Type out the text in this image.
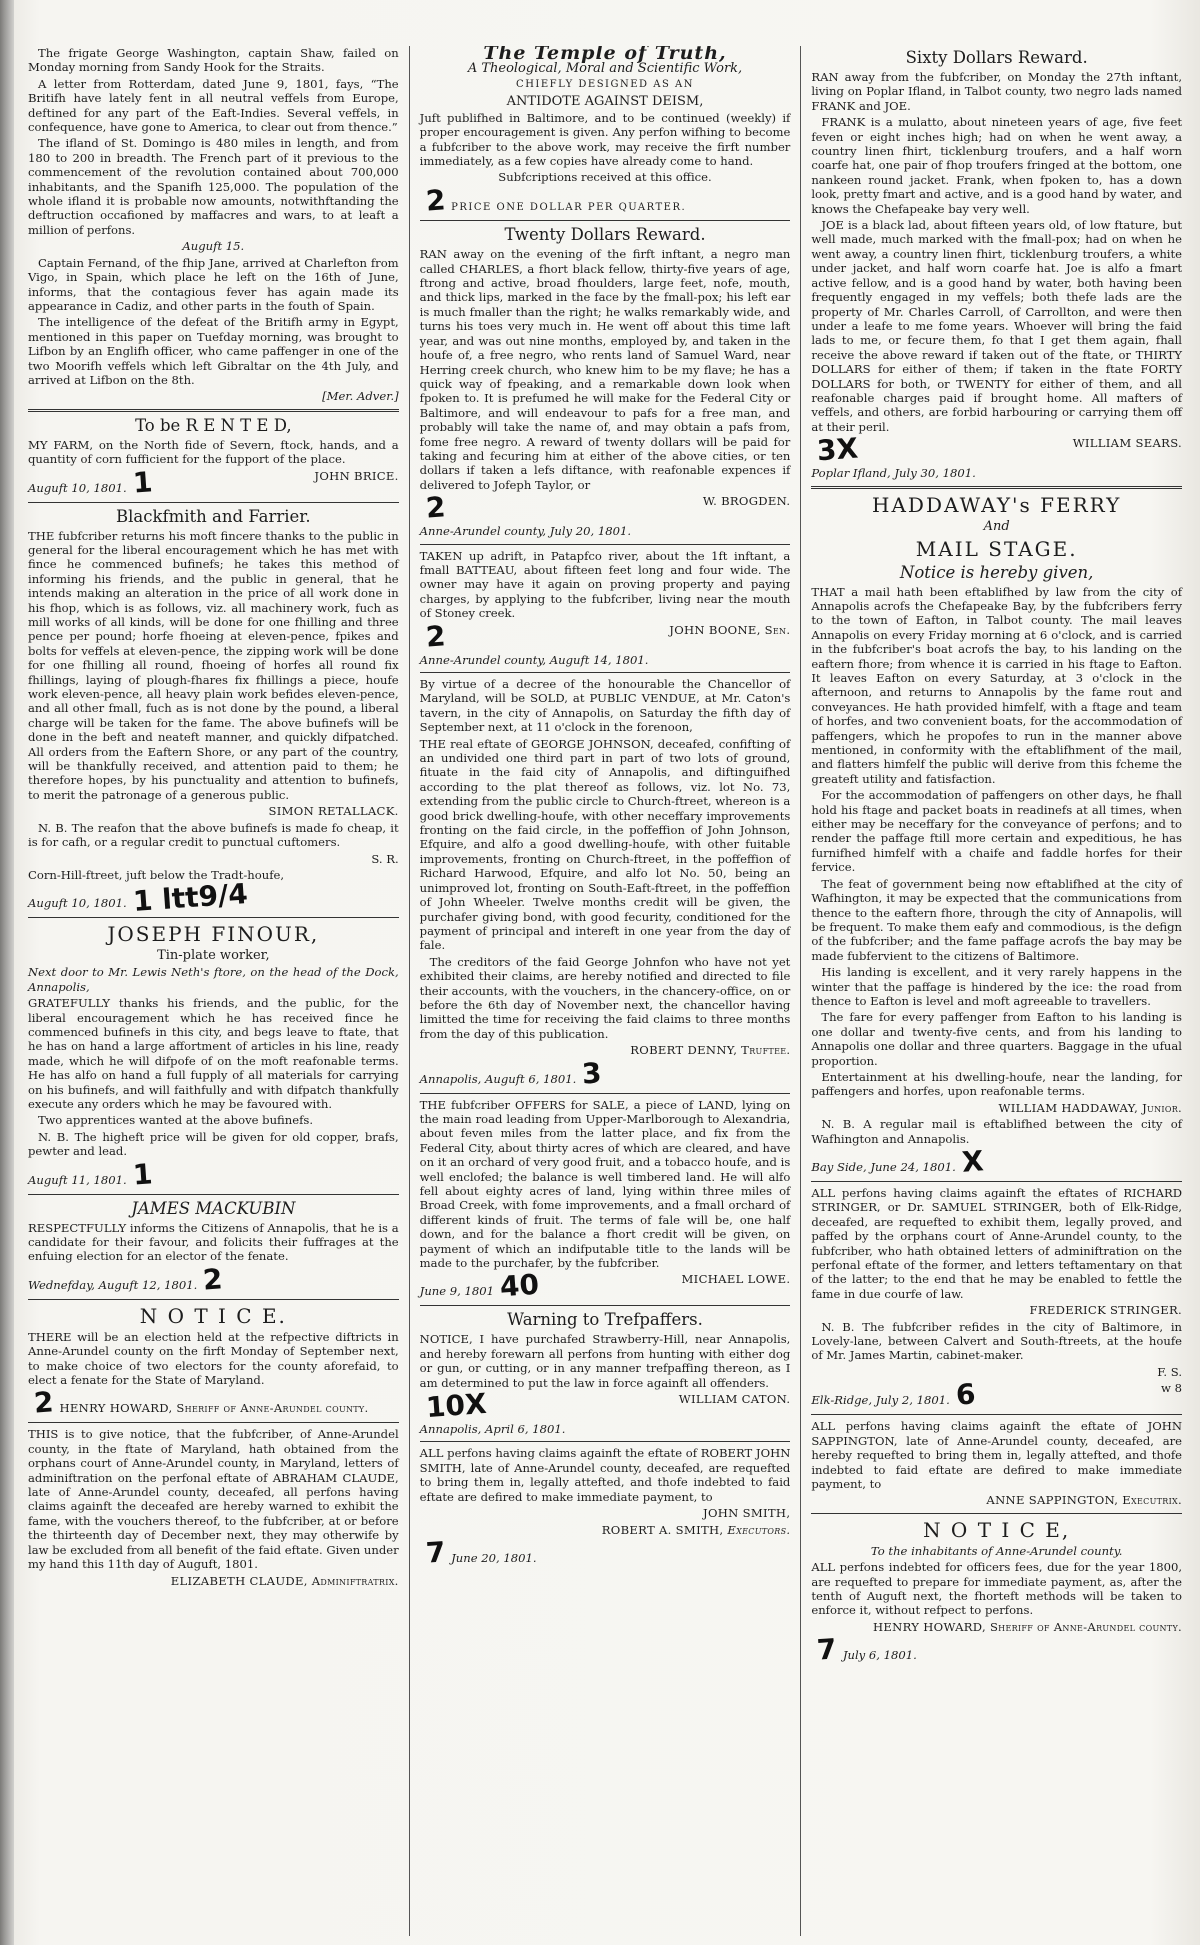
The frigate George Washington, captain Shaw, failed on Monday morning from Sandy Hook for the Straits.

A letter from Rotterdam, dated June 9, 1801, fays, “The Britifh have lately fent in all neutral veffels from Europe, deftined for any part of the Eaft-Indies. Several veffels, in confequence, have gone to America, to clear out from thence.”

The ifland of St. Domingo is 480 miles in length, and from 180 to 200 in breadth. The French part of it previous to the commencement of the revolution contained about 700,000 inhabitants, and the Spanifh 125,000. The population of the whole ifland it is probable now amounts, notwithftanding the deftruction occafioned by maffacres and wars, to at leaft a million of perfons.

Auguft 15.

Captain Fernand, of the fhip Jane, arrived at Charlefton from Vigo, in Spain, which place he left on the 16th of June, informs, that the contagious fever has again made its appearance in Cadiz, and other parts in the fouth of Spain.

The intelligence of the defeat of the Britifh army in Egypt, mentioned in this paper on Tuefday morning, was brought to Lifbon by an Englifh officer, who came paffenger in one of the two Moorifh veffels which left Gibraltar on the 4th July, and arrived at Lifbon on the 8th.

[Mer. Adver.]

To be R E N T E D,

MY FARM, on the North fide of Severn, ftock, hands, and a quantity of corn fufficient for the fupport of the place.

Auguft 10, 1801. 1	JOHN BRICE.

Blackfmith and Farrier.

THE fubfcriber returns his moft fincere thanks to the public in general for the liberal encouragement which he has met with fince he commenced bufinefs; he takes this method of informing his friends, and the public in general, that he intends making an alteration in the price of all work done in his fhop, which is as follows, viz. all machinery work, fuch as mill works of all kinds, will be done for one fhilling and three pence per pound; horfe fhoeing at eleven-pence, fpikes and bolts for veffels at eleven-pence, the zipping work will be done for one fhilling all round, fhoeing of horfes all round fix fhillings, laying of plough-fhares fix fhillings a piece, houfe work eleven-pence, all heavy plain work befides eleven-pence, and all other fmall, fuch as is not done by the pound, a liberal charge will be taken for the fame. The above bufinefs will be done in the beft and neateft manner, and quickly difpatched. All orders from the Eaftern Shore, or any part of the country, will be thankfully received, and attention paid to them; he therefore hopes, by his punctuality and attention to bufinefs, to merit the patronage of a generous public.

SIMON RETALLACK.

N. B. The reafon that the above bufinefs is made fo cheap, it is for cafh, or a regular credit to punctual cuftomers.

S. R.

Corn-Hill-ftreet, juft below the Tradt-houfe,

Auguft 10, 1801. 1 ltt9/4

JOSEPH FINOUR,
Tin-plate worker,

Next door to Mr. Lewis Neth's ftore, on the head of the Dock, Annapolis,

GRATEFULLY thanks his friends, and the public, for the liberal encouragement which he has received fince he commenced bufinefs in this city, and begs leave to ftate, that he has on hand a large affortment of articles in his line, ready made, which he will difpofe of on the moft reafonable terms. He has alfo on hand a full fupply of all materials for carrying on his bufinefs, and will faithfully and with difpatch thankfully execute any orders which he may be favoured with.

Two apprentices wanted at the above bufinefs.

N. B. The higheft price will be given for old copper, brafs, pewter and lead.

Auguft 11, 1801. 1

JAMES MACKUBIN

RESPECTFULLY informs the Citizens of Annapolis, that he is a candidate for their favour, and folicits their fuffrages at the enfuing election for an elector of the fenate.

Wednefday, Auguft 12, 1801. 2

N O T I C E.

THERE will be an election held at the refpective diftricts in Anne-Arundel county on the firft Monday of September next, to make choice of two electors for the county aforefaid, to elect a fenate for the State of Maryland.

2 HENRY HOWARD, Sheriff of Anne-Arundel county.

THIS is to give notice, that the fubfcriber, of Anne-Arundel county, in the ftate of Maryland, hath obtained from the orphans court of Anne-Arundel county, in Maryland, letters of adminiftration on the perfonal eftate of ABRAHAM CLAUDE, late of Anne-Arundel county, deceafed, all perfons having claims againft the deceafed are hereby warned to exhibit the fame, with the vouchers thereof, to the fubfcriber, at or before the thirteenth day of December next, they may otherwife by law be excluded from all benefit of the faid eftate. Given under my hand this 11th day of Auguft, 1801.

ELIZABETH CLAUDE, Adminiftratrix.

The Temple of Truth,
A Theological, Moral and Scientific Work,
CHIEFLY DESIGNED AS AN
ANTIDOTE AGAINST DEISM,

Juft publifhed in Baltimore, and to be continued (weekly) if proper encouragement is given. Any perfon wifhing to become a fubfcriber to the above work, may receive the firft number immediately, as a few copies have already come to hand.

Subfcriptions received at this office.

2 PRICE ONE DOLLAR PER QUARTER.

Twenty Dollars Reward.

RAN away on the evening of the firft inftant, a negro man called CHARLES, a fhort black fellow, thirty-five years of age, ftrong and active, broad fhoulders, large feet, nofe, mouth, and thick lips, marked in the face by the fmall-pox; his left ear is much fmaller than the right; he walks remarkably wide, and turns his toes very much in. He went off about this time laft year, and was out nine months, employed by, and taken in the houfe of, a free negro, who rents land of Samuel Ward, near Herring creek church, who knew him to be my flave; he has a quick way of fpeaking, and a remarkable down look when fpoken to. It is prefumed he will make for the Federal City or Baltimore, and will endeavour to pafs for a free man, and probably will take the name of, and may obtain a pafs from, fome free negro. A reward of twenty dollars will be paid for taking and fecuring him at either of the above cities, or ten dollars if taken a lefs diftance, with reafonable expences if delivered to Jofeph Taylor, or

2	W. BROGDEN.

Anne-Arundel county, July 20, 1801.

TAKEN up adrift, in Patapfco river, about the 1ft inftant, a fmall BATTEAU, about fifteen feet long and four wide. The owner may have it again on proving property and paying charges, by applying to the fubfcriber, living near the mouth of Stoney creek.

2	JOHN BOONE, Sen.

Anne-Arundel county, Auguft 14, 1801.

By virtue of a decree of the honourable the Chancellor of Maryland, will be SOLD, at PUBLIC VENDUE, at Mr. Caton's tavern, in the city of Annapolis, on Saturday the fifth day of September next, at 11 o'clock in the forenoon,

THE real eftate of GEORGE JOHNSON, deceafed, confifting of an undivided one third part in part of two lots of ground, fituate in the faid city of Annapolis, and diftinguifhed according to the plat thereof as follows, viz. lot No. 73, extending from the public circle to Church-ftreet, whereon is a good brick dwelling-houfe, with other neceffary improvements fronting on the faid circle, in the poffeffion of John Johnson, Efquire, and alfo a good dwelling-houfe, with other fuitable improvements, fronting on Church-ftreet, in the poffeffion of Richard Harwood, Efquire, and alfo lot No. 50, being an unimproved lot, fronting on South-Eaft-ftreet, in the poffeffion of John Wheeler. Twelve months credit will be given, the purchafer giving bond, with good fecurity, conditioned for the payment of principal and intereft in one year from the day of fale.

The creditors of the faid George Johnfon who have not yet exhibited their claims, are hereby notified and directed to file their accounts, with the vouchers, in the chancery-office, on or before the 6th day of November next, the chancellor having limitted the time for receiving the faid claims to three months from the day of this publication.

ROBERT DENNY, Truftee.

Annapolis, Auguft 6, 1801. 3

THE fubfcriber OFFERS for SALE, a piece of LAND, lying on the main road leading from Upper-Marlborough to Alexandria, about feven miles from the latter place, and fix from the Federal City, about thirty acres of which are cleared, and have on it an orchard of very good fruit, and a tobacco houfe, and is well enclofed; the balance is well timbered land. He will alfo fell about eighty acres of land, lying within three miles of Broad Creek, with fome improvements, and a fmall orchard of different kinds of fruit. The terms of fale will be, one half down, and for the balance a fhort credit will be given, on payment of which an indifputable title to the lands will be made to the purchafer, by the fubfcriber.

June 9, 1801 40	MICHAEL LOWE.

Warning to Trefpaffers.

NOTICE, I have purchafed Strawberry-Hill, near Annapolis, and hereby forewarn all perfons from hunting with either dog or gun, or cutting, or in any manner trefpaffing thereon, as I am determined to put the law in force againft all offenders.

10X	WILLIAM CATON.

Annapolis, April 6, 1801.

ALL perfons having claims againft the eftate of ROBERT JOHN SMITH, late of Anne-Arundel county, deceafed, are requefted to bring them in, legally attefted, and thofe indebted to faid eftate are defired to make immediate payment, to

JOHN SMITH,

ROBERT A. SMITH, Executors.

7 June 20, 1801.

Sixty Dollars Reward.

RAN away from the fubfcriber, on Monday the 27th inftant, living on Poplar Ifland, in Talbot county, two negro lads named FRANK and JOE.

FRANK is a mulatto, about nineteen years of age, five feet feven or eight inches high; had on when he went away, a country linen fhirt, ticklenburg troufers, and a half worn coarfe hat, one pair of fhop troufers fringed at the bottom, one nankeen round jacket. Frank, when fpoken to, has a down look, pretty fmart and active, and is a good hand by water, and knows the Chefapeake bay very well.

JOE is a black lad, about fifteen years old, of low ftature, but well made, much marked with the fmall-pox; had on when he went away, a country linen fhirt, ticklenburg troufers, a white under jacket, and half worn coarfe hat. Joe is alfo a fmart active fellow, and is a good hand by water, both having been frequently engaged in my veffels; both thefe lads are the property of Mr. Charles Carroll, of Carrollton, and were then under a leafe to me fome years. Whoever will bring the faid lads to me, or fecure them, fo that I get them again, fhall receive the above reward if taken out of the ftate, or THIRTY DOLLARS for either of them; if taken in the ftate FORTY DOLLARS for both, or TWENTY for either of them, and all reafonable charges paid if brought home. All mafters of veffels, and others, are forbid harbouring or carrying them off at their peril.

3X	WILLIAM SEARS.

Poplar Ifland, July 30, 1801.

HADDAWAY's FERRY
And
MAIL STAGE.
Notice is hereby given,

THAT a mail hath been eftablifhed by law from the city of Annapolis acrofs the Chefapeake Bay, by the fubfcribers ferry to the town of Eafton, in Talbot county. The mail leaves Annapolis on every Friday morning at 6 o'clock, and is carried in the fubfcriber's boat acrofs the bay, to his landing on the eaftern fhore; from whence it is carried in his ftage to Eafton. It leaves Eafton on every Saturday, at 3 o'clock in the afternoon, and returns to Annapolis by the fame rout and conveyances. He hath provided himfelf, with a ftage and team of horfes, and two convenient boats, for the accommodation of paffengers, which he propofes to run in the manner above mentioned, in conformity with the eftablifhment of the mail, and flatters himfelf the public will derive from this fcheme the greateft utility and fatisfaction.

For the accommodation of paffengers on other days, he fhall hold his ftage and packet boats in readinefs at all times, when either may be neceffary for the conveyance of perfons; and to render the paffage ftill more certain and expeditious, he has furnifhed himfelf with a chaife and faddle horfes for their fervice.

The feat of government being now eftablifhed at the city of Wafhington, it may be expected that the communications from thence to the eaftern fhore, through the city of Annapolis, will be frequent. To make them eafy and commodious, is the defign of the fubfcriber; and the fame paffage acrofs the bay may be made fubfervient to the citizens of Baltimore.

His landing is excellent, and it very rarely happens in the winter that the paffage is hindered by the ice: the road from thence to Eafton is level and moft agreeable to travellers.

The fare for every paffenger from Eafton to his landing is one dollar and twenty-five cents, and from his landing to Annapolis one dollar and three quarters. Baggage in the ufual proportion.

Entertainment at his dwelling-houfe, near the landing, for paffengers and horfes, upon reafonable terms.

WILLIAM HADDAWAY, Junior.

N. B. A regular mail is eftablifhed between the city of Wafhington and Annapolis.

Bay Side, June 24, 1801. X

ALL perfons having claims againft the eftates of RICHARD STRINGER, or Dr. SAMUEL STRINGER, both of Elk-Ridge, deceafed, are requefted to exhibit them, legally proved, and paffed by the orphans court of Anne-Arundel county, to the fubfcriber, who hath obtained letters of adminiftration on the perfonal eftate of the former, and letters teftamentary on that of the latter; to the end that he may be enabled to fettle the fame in due courfe of law.

FREDERICK STRINGER.

N. B. The fubfcriber refides in the city of Baltimore, in Lovely-lane, between Calvert and South-ftreets, at the houfe of Mr. James Martin, cabinet-maker.

F. S.

Elk-Ridge, July 2, 1801. 6	w 8

ALL perfons having claims againft the eftate of JOHN SAPPINGTON, late of Anne-Arundel county, deceafed, are hereby requefted to bring them in, legally attefted, and thofe indebted to faid eftate are defired to make immediate payment, to

ANNE SAPPINGTON, Executrix.

N O T I C E,

To the inhabitants of Anne-Arundel county.

ALL perfons indebted for officers fees, due for the year 1800, are requefted to prepare for immediate payment, as, after the tenth of Auguft next, the fhorteft methods will be taken to enforce it, without refpect to perfons.

HENRY HOWARD, Sheriff of Anne-Arundel county.

7 July 6, 1801.
